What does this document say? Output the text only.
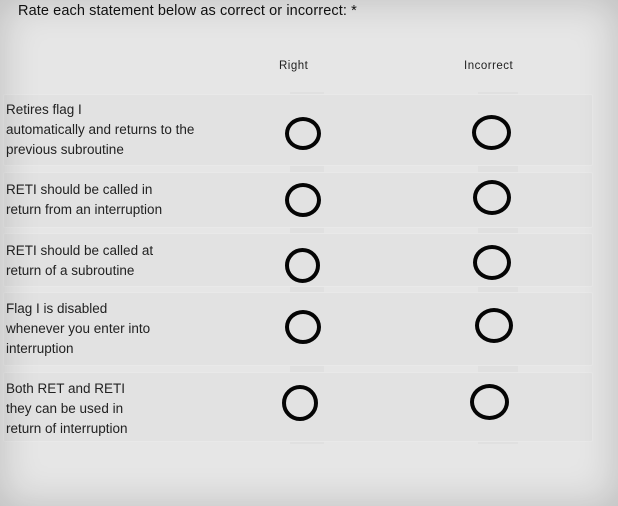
Rate each statement below as correct or incorrect: *
Right	Incorrect
Retires flag I
automatically and returns to the
previous subroutine
RETI should be called in
return from an interruption
RETI should be called at
return of a subroutine
Flag I is disabled
whenever you enter into
interruption
Both RET and RETI
they can be used in
return of interruption
